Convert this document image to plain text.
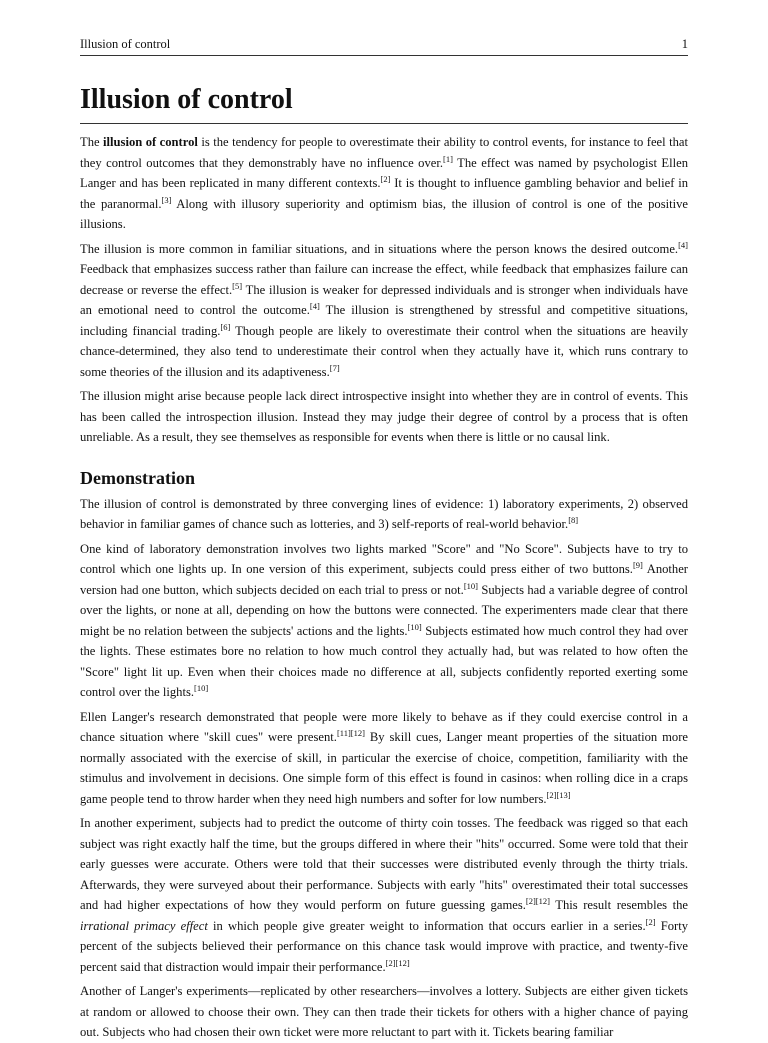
Illusion of control	1
Illusion of control

The illusion of control is the tendency for people to overestimate their ability to control events, for instance to feel that they control outcomes that they demonstrably have no influence over.[1] The effect was named by psychologist Ellen Langer and has been replicated in many different contexts.[2] It is thought to influence gambling behavior and belief in the paranormal.[3] Along with illusory superiority and optimism bias, the illusion of control is one of the positive illusions.

The illusion is more common in familiar situations, and in situations where the person knows the desired outcome.[4] Feedback that emphasizes success rather than failure can increase the effect, while feedback that emphasizes failure can decrease or reverse the effect.[5] The illusion is weaker for depressed individuals and is stronger when individuals have an emotional need to control the outcome.[4] The illusion is strengthened by stressful and competitive situations, including financial trading.[6] Though people are likely to overestimate their control when the situations are heavily chance-determined, they also tend to underestimate their control when they actually have it, which runs contrary to some theories of the illusion and its adaptiveness.[7]

The illusion might arise because people lack direct introspective insight into whether they are in control of events. This has been called the introspection illusion. Instead they may judge their degree of control by a process that is often unreliable. As a result, they see themselves as responsible for events when there is little or no causal link.

Demonstration

The illusion of control is demonstrated by three converging lines of evidence: 1) laboratory experiments, 2) observed behavior in familiar games of chance such as lotteries, and 3) self-reports of real-world behavior.[8]

One kind of laboratory demonstration involves two lights marked "Score" and "No Score". Subjects have to try to control which one lights up. In one version of this experiment, subjects could press either of two buttons.[9] Another version had one button, which subjects decided on each trial to press or not.[10] Subjects had a variable degree of control over the lights, or none at all, depending on how the buttons were connected. The experimenters made clear that there might be no relation between the subjects' actions and the lights.[10] Subjects estimated how much control they had over the lights. These estimates bore no relation to how much control they actually had, but was related to how often the "Score" light lit up. Even when their choices made no difference at all, subjects confidently reported exerting some control over the lights.[10]

Ellen Langer's research demonstrated that people were more likely to behave as if they could exercise control in a chance situation where "skill cues" were present.[11][12] By skill cues, Langer meant properties of the situation more normally associated with the exercise of skill, in particular the exercise of choice, competition, familiarity with the stimulus and involvement in decisions. One simple form of this effect is found in casinos: when rolling dice in a craps game people tend to throw harder when they need high numbers and softer for low numbers.[2][13]

In another experiment, subjects had to predict the outcome of thirty coin tosses. The feedback was rigged so that each subject was right exactly half the time, but the groups differed in where their "hits" occurred. Some were told that their early guesses were accurate. Others were told that their successes were distributed evenly through the thirty trials. Afterwards, they were surveyed about their performance. Subjects with early "hits" overestimated their total successes and had higher expectations of how they would perform on future guessing games.[2][12] This result resembles the irrational primacy effect in which people give greater weight to information that occurs earlier in a series.[2] Forty percent of the subjects believed their performance on this chance task would improve with practice, and twenty-five percent said that distraction would impair their performance.[2][12]

Another of Langer's experiments—replicated by other researchers—involves a lottery. Subjects are either given tickets at random or allowed to choose their own. They can then trade their tickets for others with a higher chance of paying out. Subjects who had chosen their own ticket were more reluctant to part with it. Tickets bearing familiar
